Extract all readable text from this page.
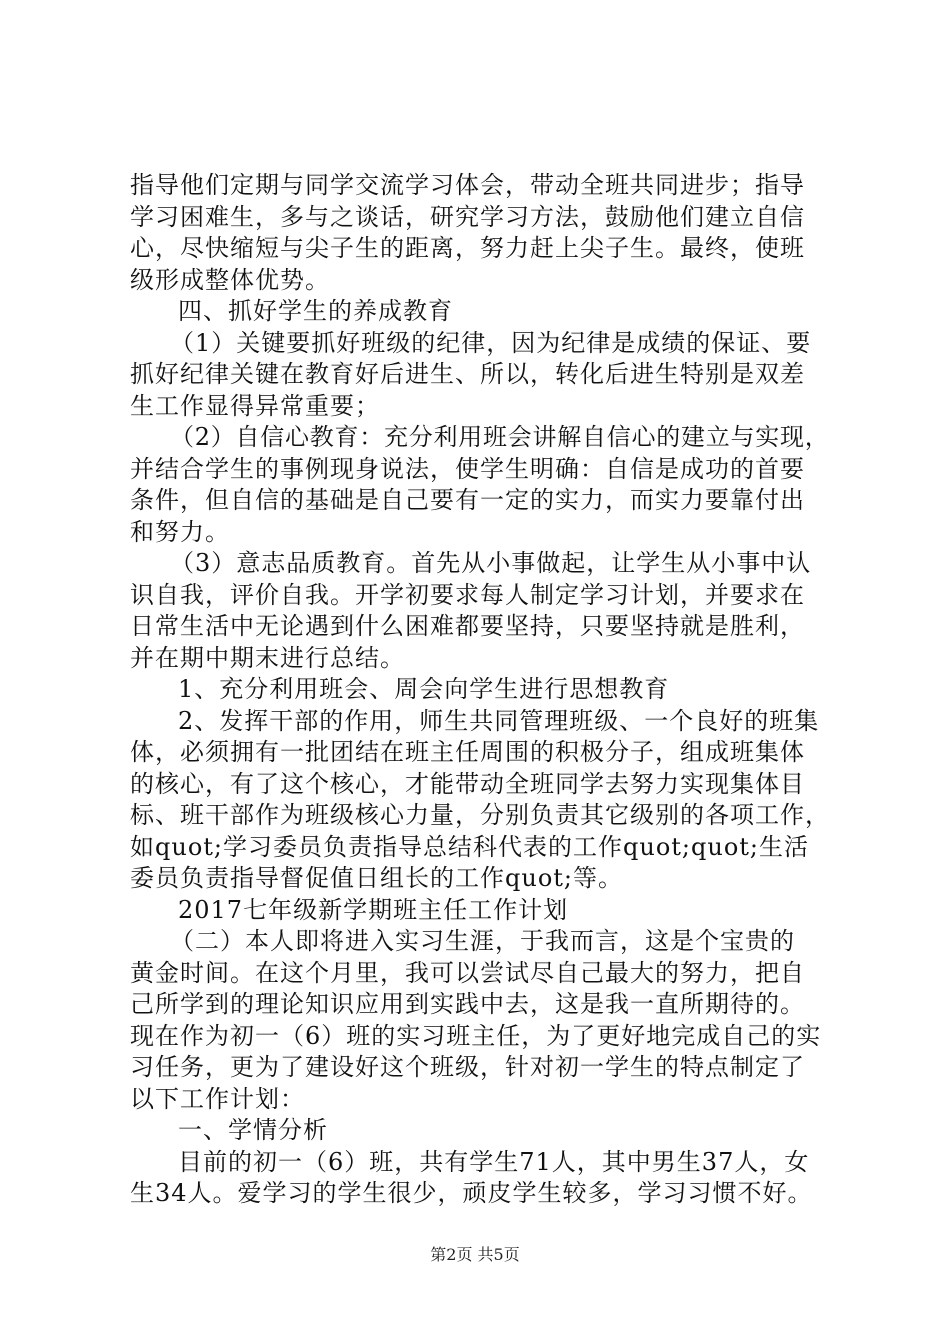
指导他们定期与同学交流学习体会，带动全班共同进步；指导
学习困难生，多与之谈话，研究学习方法，鼓励他们建立自信
心，尽快缩短与尖子生的距离，努力赶上尖子生。最终，使班
级形成整体优势。
四、抓好学生的养成教育
（1）关键要抓好班级的纪律，因为纪律是成绩的保证、要
抓好纪律关键在教育好后进生、所以，转化后进生特别是双差
生工作显得异常重要；
（2）自信心教育：充分利用班会讲解自信心的建立与实现，
并结合学生的事例现身说法，使学生明确：自信是成功的首要
条件，但自信的基础是自己要有一定的实力，而实力要靠付出
和努力。
（3）意志品质教育。首先从小事做起，让学生从小事中认
识自我，评价自我。开学初要求每人制定学习计划，并要求在
日常生活中无论遇到什么困难都要坚持，只要坚持就是胜利，
并在期中期末进行总结。
1、充分利用班会、周会向学生进行思想教育
2、发挥干部的作用，师生共同管理班级、一个良好的班集
体，必须拥有一批团结在班主任周围的积极分子，组成班集体
的核心，有了这个核心，才能带动全班同学去努力实现集体目
标、班干部作为班级核心力量，分别负责其它级别的各项工作，
如quot;学习委员负责指导总结科代表的工作quot;quot;生活
委员负责指导督促值日组长的工作quot;等。
2017七年级新学期班主任工作计划
（二）本人即将进入实习生涯，于我而言，这是个宝贵的
黄金时间。在这个月里，我可以尝试尽自己最大的努力，把自
己所学到的理论知识应用到实践中去，这是我一直所期待的。
现在作为初一（6）班的实习班主任，为了更好地完成自己的实
习任务，更为了建设好这个班级，针对初一学生的特点制定了
以下工作计划：
一、学情分析
目前的初一（6）班，共有学生71人，其中男生37人，女
生34人。爱学习的学生很少，顽皮学生较多，学习习惯不好。
第2页 共5页
